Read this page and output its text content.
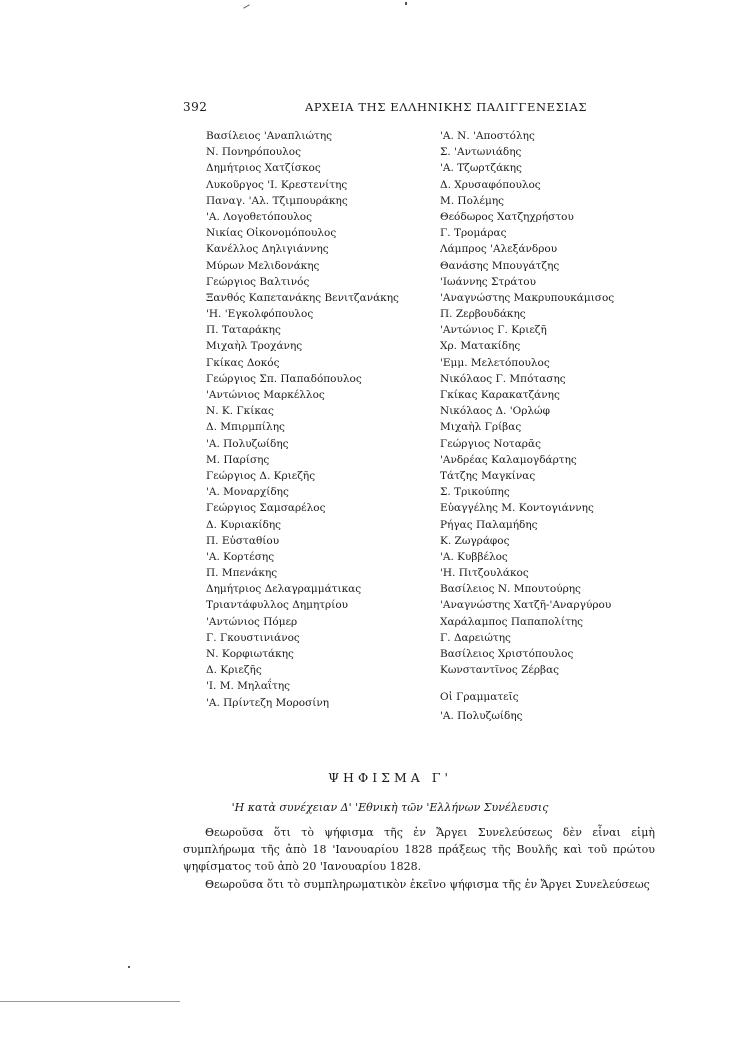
392	ΑΡΧΕΙΑ ΤΗΣ ΕΛΛΗΝΙΚΗΣ ΠΑΛΙΓΓΕΝΕΣΙΑΣ
Βασίλειος 'Αναπλιώτης
Ν. Πονηρόπουλος
Δημήτριος Χατζίσκος
Λυκοῦργος 'Ι. Κρεστενίτης
Παναγ. 'Αλ. Τζιμπουράκης
'Α. Λογοθετόπουλος
Νικίας Οἰκονομόπουλος
Κανέλλος Δηλιγιάννης
Μύρων Μελιδονάκης
Γεώργιος Βαλτινός
Ξανθός Καπετανάκης Βενιτζανάκης
'Η. 'Εγκολφόπουλος
Π. Ταταράκης
Μιχαὴλ Τροχάνης
Γκίκας Δοκός
Γεώργιος Σπ. Παπαδόπουλος
'Αντώνιος Μαρκέλλος
Ν. Κ. Γκίκας
Δ. Μπιρμπίλης
'Α. Πολυζωίδης
Μ. Παρίσης
Γεώργιος Δ. Κριεζῆς
'Α. Μοναρχίδης
Γεώργιος Σαμσαρέλος
Δ. Κυριακίδης
Π. Εὐσταθίου
'Α. Κορτέσης
Π. Μπενάκης
Δημήτριος Δελαγραμμάτικας
Τριαντάφυλλος Δημητρίου
'Αντώνιος Πόμερ
Γ. Γκουστινιάνος
Ν. Κορφιωτάκης
Δ. Κριεζῆς
'Ι. Μ. Μηλαΐτης
'Α. Πρίντεζη Μοροσίνη
'Α. Ν. 'Αποστόλης
Σ. 'Αντωνιάδης
'Α. Τζωρτζάκης
Δ. Χρυσαφόπουλος
Μ. Πολέμης
Θεόδωρος Χατζηχρήστου
Γ. Τρομάρας
Λάμπρος 'Αλεξάνδρου
Θανάσης Μπουγάτζης
'Ιωάννης Στράτου
'Αναγνώστης Μακρυπουκάμισος
Π. Ζερβουδάκης
'Αντώνιος Γ. Κριεζῆ
Χρ. Ματακίδης
'Εμμ. Μελετόπουλος
Νικόλαος Γ. Μπότασης
Γκίκας Καρακατζάνης
Νικόλαος Δ. 'Ορλώφ
Μιχαὴλ Γρίβας
Γεώργιος Νοταρᾶς
'Ανδρέας Καλαμογδάρτης
Τάτζης Μαγκίνας
Σ. Τρικούπης
Εὐαγγέλης Μ. Κοντογιάννης
Ρήγας Παλαμήδης
Κ. Ζωγράφος
'Α. Κυββέλος
'Η. Πιτζουλάκος
Βασίλειος Ν. Μπουτούρης
'Αναγνώστης Χατζῆ-'Αναργύρου
Χαράλαμπος Παπαπολίτης
Γ. Δαρειώτης
Βασίλειος Χριστόπουλος
Κωνσταντῖνος Ζέρβας
Οἱ Γραμματεῖς
'Α. Πολυζωίδης
ΨΗΦΙΣΜΑ Γ'
'Η κατὰ συνέχειαν Δ' 'Εθνικὴ τῶν 'Ελλήνων Συνέλευσις

Θεωροῦσα ὅτι τὸ ψήφισμα τῆς ἐν Ἄργει Συνελεύσεως δὲν εἶναι εἰμὴ συμπλήρωμα τῆς ἀπὸ 18 'Ιανουαρίου 1828 πράξεως τῆς Βουλῆς καὶ τοῦ πρώτου ψηφίσματος τοῦ ἀπὸ 20 'Ιανουαρίου 1828.

Θεωροῦσα ὅτι τὸ συμπληρωματικὸν ἐκεῖνο ψήφισμα τῆς ἐν Ἄργει Συνελεύσεως
